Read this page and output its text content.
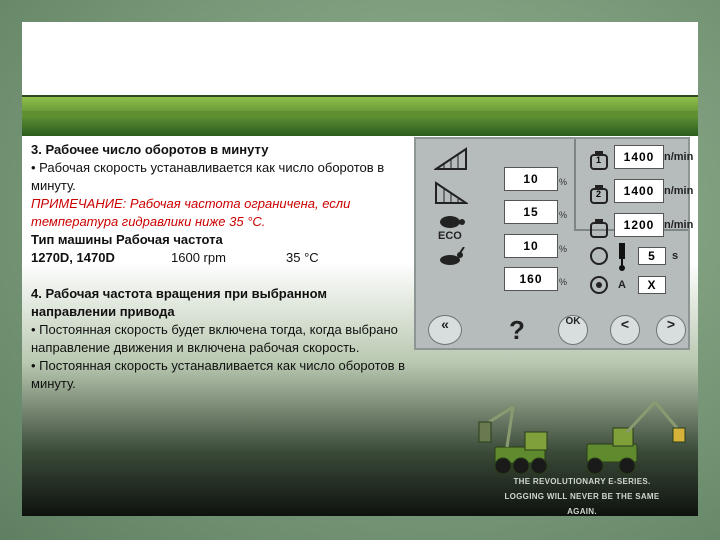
3. Рабочее число оборотов в минуту
• Рабочая скорость устанавливается как число оборотов в минуту.
ПРИМЕЧАНИЕ: Рабочая частота ограничена, если температура гидравлики ниже 35 °C.
Тип машины Рабочая частота
1270D, 1470D	1600 rpm	35 °C
4. Рабочая частота вращения при выбранном направлении привода
• Постоянная скорость будет включена тогда, когда выбрано направление движения и включена рабочая скорость.
• Постоянная скорость устанавливается как число оборотов в минуту.
ECO
10	%
15	%
10	%
160	%
1
2
1400 n/min
1400 n/min
1200 n/min
5	s
A	X
«	?	OK	<	>
THE REVOLUTIONARY E-SERIES.
LOGGING WILL NEVER BE THE SAME AGAIN.
